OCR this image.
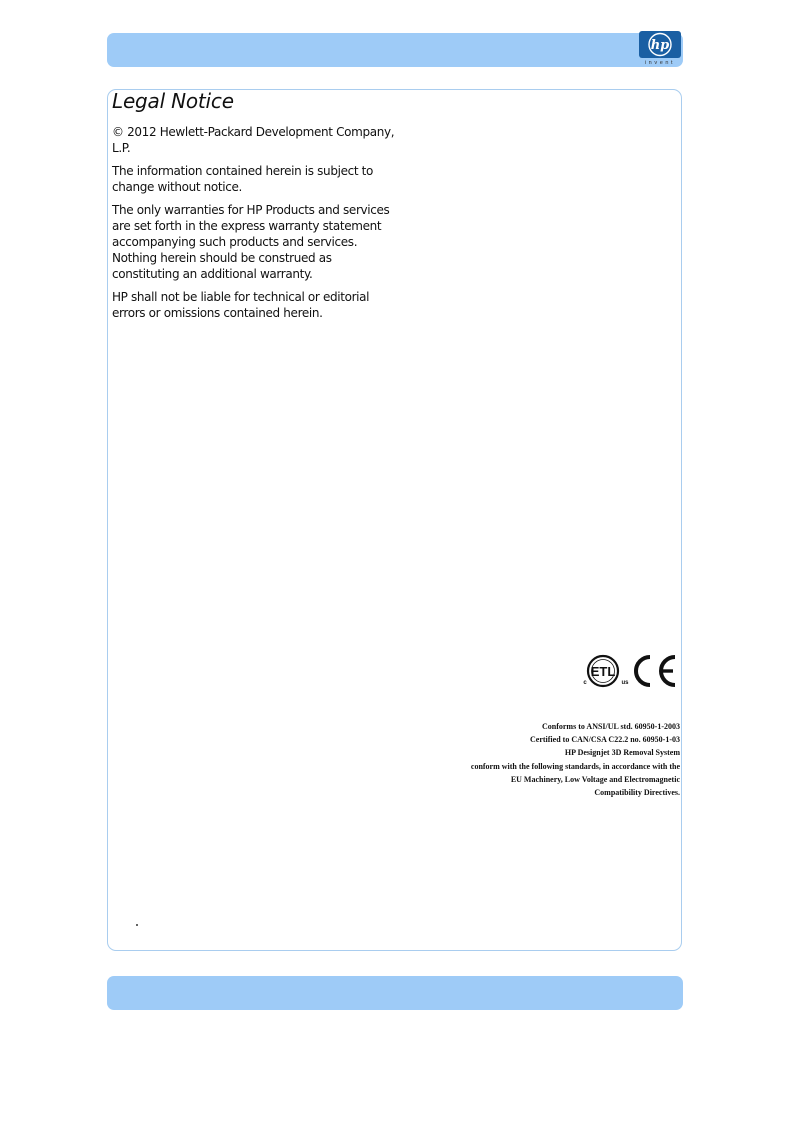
hp
invent
Legal Notice

© 2012 Hewlett-Packard Development Company, L.P.

The information contained herein is subject to change without notice.

The only warranties for HP Products and services are set forth in the express warranty statement accompanying such products and services. Nothing herein should be construed as constituting an additional warranty.

HP shall not be liable for technical or editorial errors or omissions contained herein.

ETL
c	us
Conforms to ANSI/UL std. 60950-1-2003
Certified to CAN/CSA C22.2 no. 60950-1-03
HP Designjet 3D Removal System
conform with the following standards, in accordance with the
EU Machinery, Low Voltage and Electromagnetic
Compatibility Directives.
